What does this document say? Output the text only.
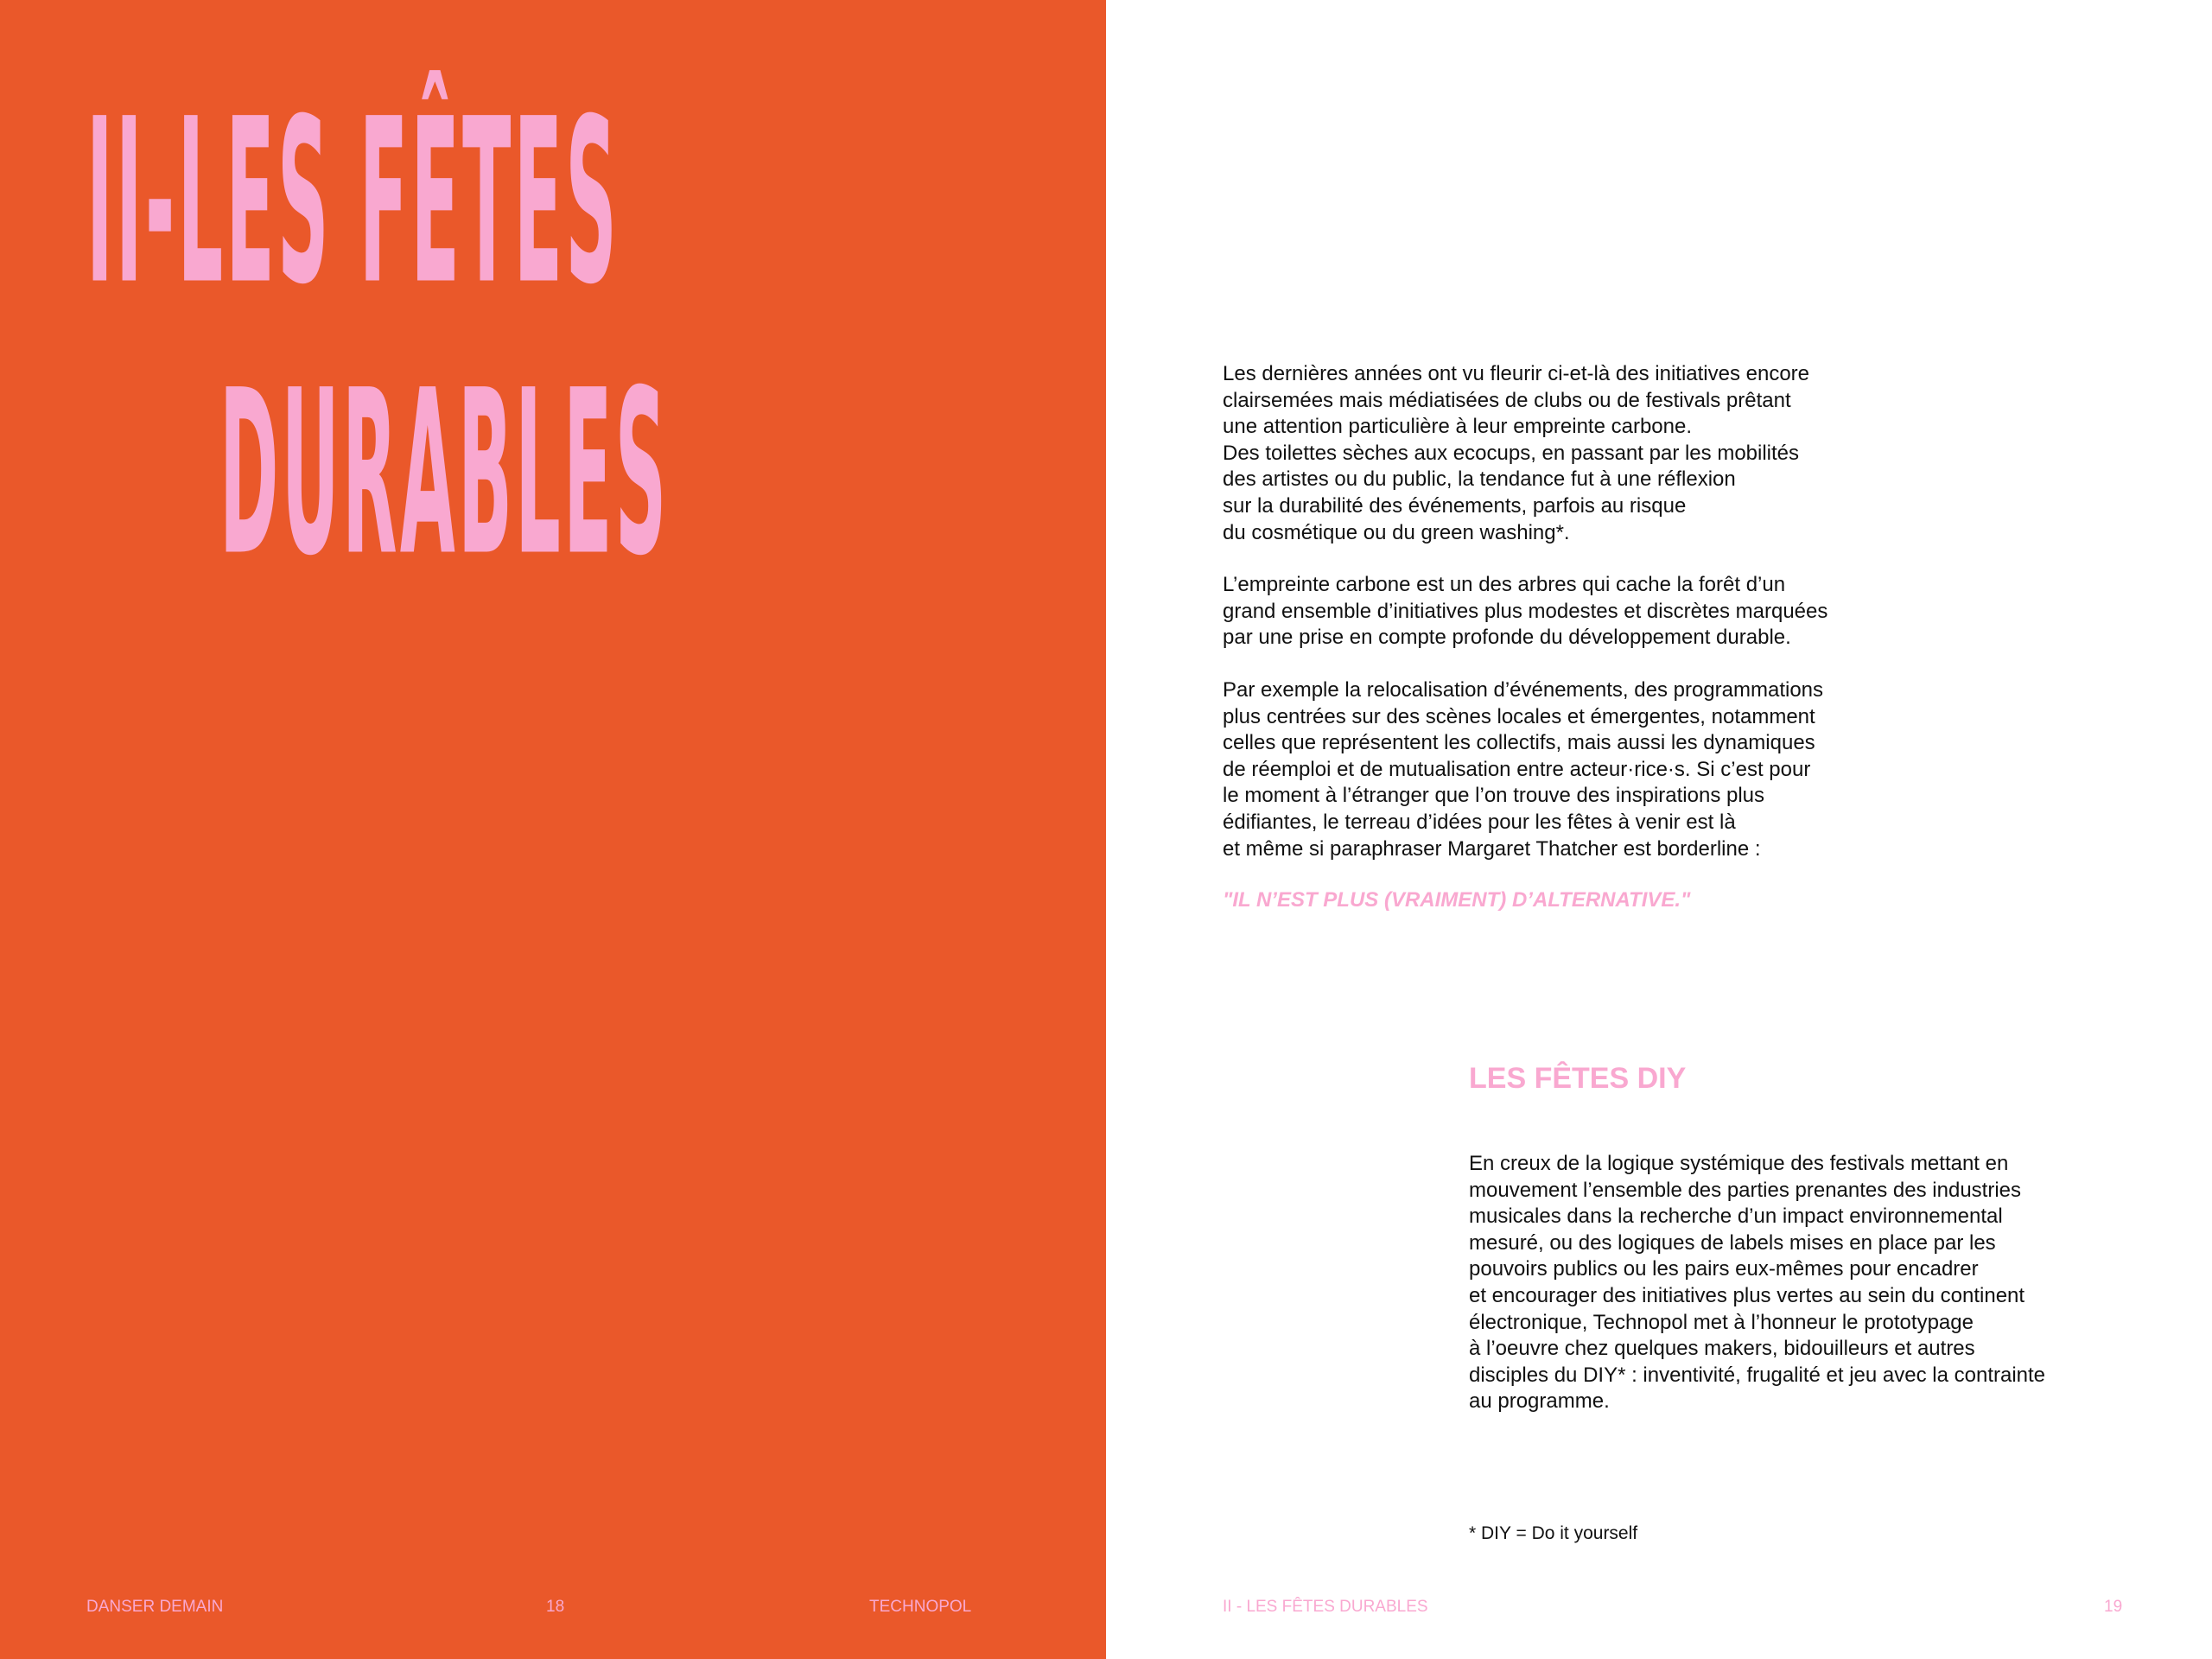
II-LES FÊTES
DURABLES

DANSER DEMAIN	18	TECHNOPOL

Les dernières années ont vu fleurir ci-et-là des initiatives encore
clairsemées mais médiatisées de clubs ou de festivals prêtant
une attention particulière à leur empreinte carbone.
Des toilettes sèches aux ecocups, en passant par les mobilités
des artistes ou du public, la tendance fut à une réflexion
sur la durabilité des événements, parfois au risque
du cosmétique ou du green washing*.

L’empreinte carbone est un des arbres qui cache la forêt d’un
grand ensemble d’initiatives plus modestes et discrètes marquées
par une prise en compte profonde du développement durable.

Par exemple la relocalisation d’événements, des programmations
plus centrées sur des scènes locales et émergentes, notamment
celles que représentent les collectifs, mais aussi les dynamiques
de réemploi et de mutualisation entre acteur·rice·s. Si c’est pour
le moment à l’étranger que l’on trouve des inspirations plus
édifiantes, le terreau d’idées pour les fêtes à venir est là
et même si paraphraser Margaret Thatcher est borderline :

"IL N’EST PLUS (VRAIMENT) D’ALTERNATIVE."

LES FÊTES DIY

En creux de la logique systémique des festivals mettant en
mouvement l’ensemble des parties prenantes des industries
musicales dans la recherche d’un impact environnemental
mesuré, ou des logiques de labels mises en place par les
pouvoirs publics ou les pairs eux-mêmes pour encadrer
et encourager des initiatives plus vertes au sein du continent
électronique, Technopol met à l’honneur le prototypage
à l’oeuvre chez quelques makers, bidouilleurs et autres
disciples du DIY* : inventivité, frugalité et jeu avec la contrainte
au programme.

* DIY = Do it yourself

II - LES FÊTES DURABLES	19
